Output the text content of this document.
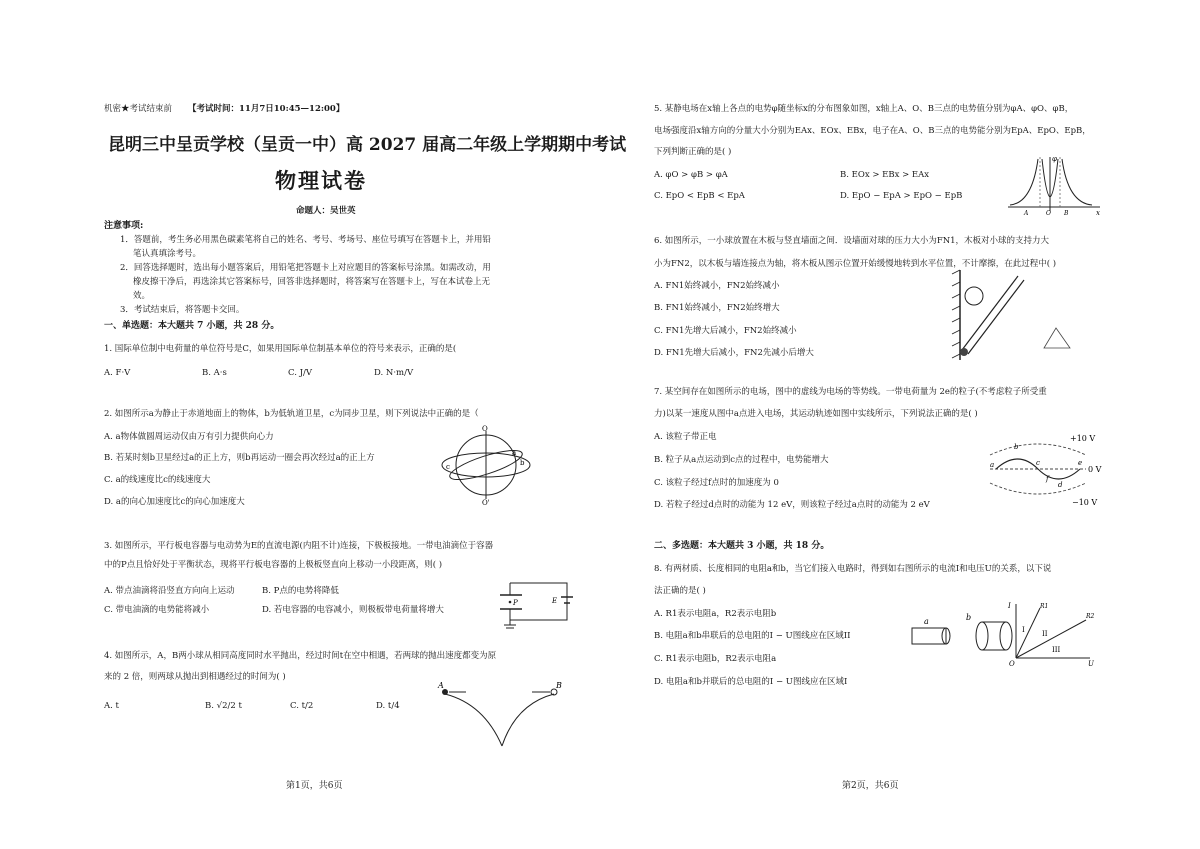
机密★考试结束前 【考试时间：11月7日10:45—12:00】
昆明三中呈贡学校（呈贡一中）高 2027 届高二年级上学期期中考试
物理试卷
命题人：吴世英
注意事项:
1．答题前，考生务必用黑色碳素笔将自己的姓名、考号、考场号、座位号填写在答题卡上，并用铅
笔认真填涂考号。
2．回答选择题时，选出每小题答案后，用铅笔把答题卡上对应题目的答案标号涂黑。如需改动，用
橡皮擦干净后，再选涂其它答案标号，回答非选择题时，将答案写在答题卡上，写在本试卷上无
效。
3．考试结束后，将答题卡交回。
一、单选题：本大题共 7 小题，共 28 分。
1. 国际单位制中电荷量的单位符号是C，如果用国际单位制基本单位的符号来表示，正确的是(
A. F·V	B. A·s	C. J/V	D. N·m/V
2. 如图所示a为静止于赤道地面上的物体，b为低轨道卫星，c为同步卫星，则下列说法中正确的是（
A. a物体做圆周运动仅由万有引力提供向心力
B. 若某时刻b卫星经过a的正上方，则b再运动一圈会再次经过a的正上方
C. a的线速度比c的线速度大
D. a的向心加速度比c的向心加速度大
O
O'
a
b
c
3. 如图所示，平行板电容器与电动势为E的直流电源(内阻不计)连接，下极板接地。一带电油滴位于容器
中的P点且恰好处于平衡状态，现将平行板电容器的上极板竖直向上移动一小段距离，则( )
A. 带点油滴将沿竖直方向向上运动	B. P点的电势将降低
C. 带电油滴的电势能将减小	D. 若电容器的电容减小，则极板带电荷量将增大
P	E
4. 如图所示，A，B两小球从相同高度同时水平抛出，经过时间t在空中相遇，若两球的抛出速度都变为原
来的 2 倍，则两球从抛出到相遇经过的时间为( )
A. t	B. √2/2 t	C. t/2	D. t/4
A	B
第1页，共6页
5. 某静电场在x轴上各点的电势φ随坐标x的分布图象如图，x轴上A、O、B三点的电势值分别为φA、φO、φB，
电场强度沿x轴方向的分量大小分别为EAx、EOx、EBx，电子在A、O、B三点的电势能分别为EpA、EpO、EpB，
下列判断正确的是( )
A. φO > φB > φA	B. EOx > EBx > EAx
C. EpO < EpB < EpA	D. EpO − EpA > EpO − EpB
φ
A	O B	x
6. 如图所示，一小球放置在木板与竖直墙面之间．设墙面对球的压力大小为FN1，木板对小球的支持力大
小为FN2，以木板与墙连接点为轴，将木板从图示位置开始缓慢地转到水平位置，不计摩擦，在此过程中( )
A. FN1始终减小，FN2始终减小
B. FN1始终减小，FN2始终增大
C. FN1先增大后减小，FN2始终减小
D. FN1先增大后减小，FN2先减小后增大
7. 某空间存在如图所示的电场，图中的虚线为电场的等势线。一带电荷量为 2e的粒子(不考虑粒子所受重
力)以某一速度从图中a点进入电场，其运动轨迹如图中实线所示，下列说法正确的是( )
A. 该粒子带正电
B. 粒子从a点运动到c点的过程中，电势能增大
C. 该粒子经过f点时的加速度为 0
D. 若粒子经过d点时的动能为 12 eV，则该粒子经过a点时的动能为 2 eV
+10 V
0 V
−10 V
a
b
c
d
e
f
二、多选题：本大题共 3 小题，共 18 分。
8. 有两材质、长度相同的电阻a和b，当它们接入电路时，得到如右图所示的电流I和电压U的关系，以下说
法正确的是( )
A. R1表示电阻a，R2表示电阻b
B. 电阻a和b串联后的总电阻的I − U图线应在区域II
C. R1表示电阻b，R2表示电阻a
D. 电阻a和b并联后的总电阻的I − U图线应在区域I
a	b
I	R1
R2
I II
III
O	U
第2页，共6页
